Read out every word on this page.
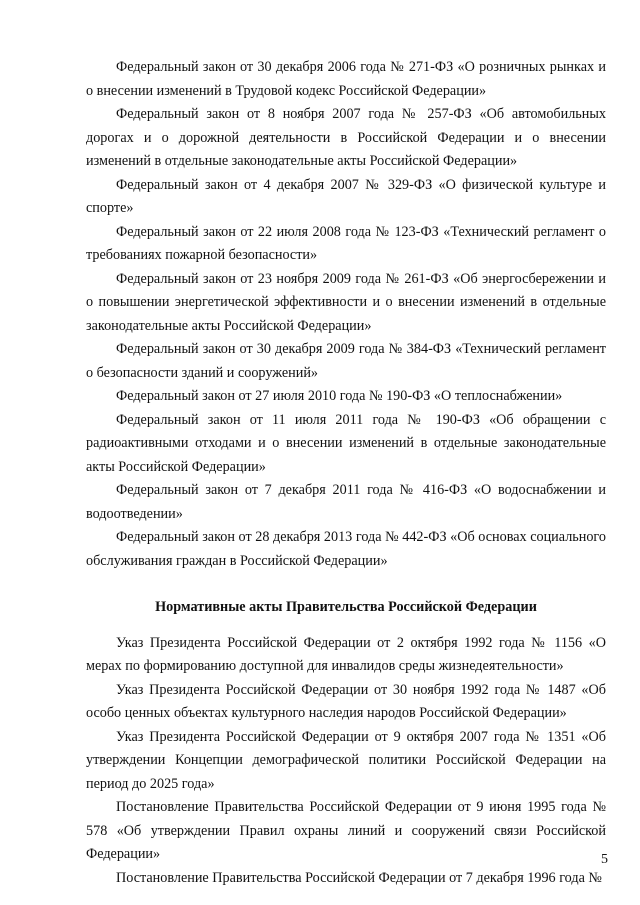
Федеральный закон от 30 декабря 2006 года № 271-ФЗ «О розничных рынках и о внесении изменений в Трудовой кодекс Российской Федерации»

Федеральный закон от 8 ноября 2007 года № 257-ФЗ «Об автомобильных дорогах и о дорожной деятельности в Российской Федерации и о внесении изменений в отдельные законодательные акты Российской Федерации»

Федеральный закон от 4 декабря 2007 № 329-ФЗ «О физической культуре и спорте»

Федеральный закон от 22 июля 2008 года № 123-ФЗ «Технический регламент о требованиях пожарной безопасности»

Федеральный закон от 23 ноября 2009 года № 261-ФЗ «Об энергосбережении и о повышении энергетической эффективности и о внесении изменений в отдельные законодательные акты Российской Федерации»

Федеральный закон от 30 декабря 2009 года № 384-ФЗ «Технический регламент о безопасности зданий и сооружений»

Федеральный закон от 27 июля 2010 года № 190-ФЗ «О теплоснабжении»

Федеральный закон от 11 июля 2011 года № 190-ФЗ «Об обращении с радиоактивными отходами и о внесении изменений в отдельные законодательные акты Российской Федерации»

Федеральный закон от 7 декабря 2011 года № 416-ФЗ «О водоснабжении и водоотведении»

Федеральный закон от 28 декабря 2013 года № 442-ФЗ «Об основах социального обслуживания граждан в Российской Федерации»

Нормативные акты Правительства Российской Федерации

Указ Президента Российской Федерации от 2 октября 1992 года № 1156 «О мерах по формированию доступной для инвалидов среды жизнедеятельности»

Указ Президента Российской Федерации от 30 ноября 1992 года № 1487 «Об особо ценных объектах культурного наследия народов Российской Федерации»

Указ Президента Российской Федерации от 9 октября 2007 года № 1351 «Об утверждении Концепции демографической политики Российской Федерации на период до 2025 года»

Постановление Правительства Российской Федерации от 9 июня 1995 года № 578 «Об утверждении Правил охраны линий и сооружений связи Российской Федерации»

Постановление Правительства Российской Федерации от 7 декабря 1996 года №

5
